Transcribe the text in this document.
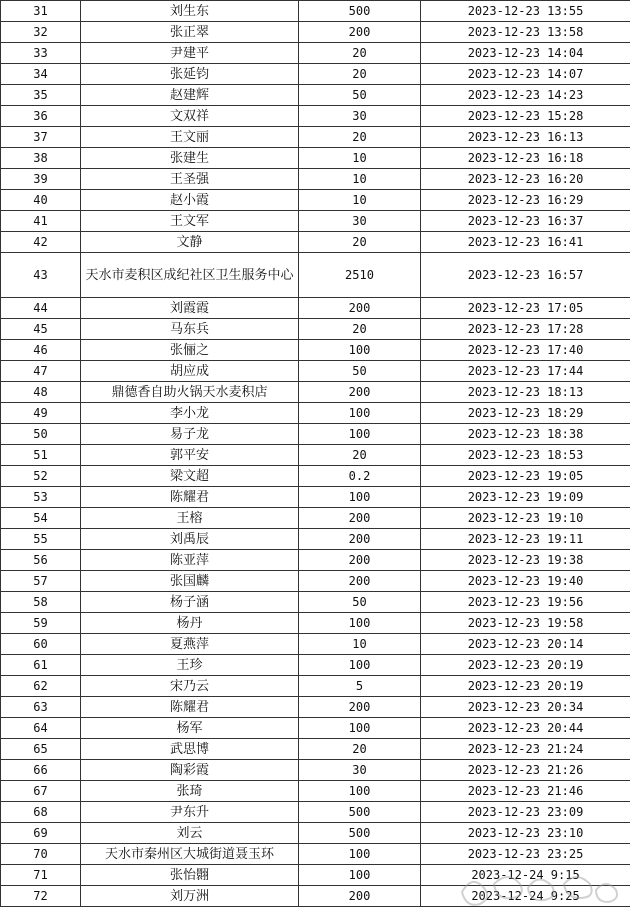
31	刘生东	500	2023-12-23 13:55
32	张正翠	200	2023-12-23 13:58
33	尹建平	20	2023-12-23 14:04
34	张延钧	20	2023-12-23 14:07
35	赵建辉	50	2023-12-23 14:23
36	文双祥	30	2023-12-23 15:28
37	王文丽	20	2023-12-23 16:13
38	张建生	10	2023-12-23 16:18
39	王圣强	10	2023-12-23 16:20
40	赵小霞	10	2023-12-23 16:29
41	王文军	30	2023-12-23 16:37
42	文静	20	2023-12-23 16:41
43	天水市麦积区成纪社区卫生服务中心	2510	2023-12-23 16:57
44	刘霞霞	200	2023-12-23 17:05
45	马东兵	20	2023-12-23 17:28
46	张俪之	100	2023-12-23 17:40
47	胡应成	50	2023-12-23 17:44
48	鼎德香自助火锅天水麦积店	200	2023-12-23 18:13
49	李小龙	100	2023-12-23 18:29
50	易子龙	100	2023-12-23 18:38
51	郭平安	20	2023-12-23 18:53
52	梁文超	0.2	2023-12-23 19:05
53	陈耀君	100	2023-12-23 19:09
54	王榕	200	2023-12-23 19:10
55	刘禹辰	200	2023-12-23 19:11
56	陈亚萍	200	2023-12-23 19:38
57	张国麟	200	2023-12-23 19:40
58	杨子涵	50	2023-12-23 19:56
59	杨丹	100	2023-12-23 19:58
60	夏燕萍	10	2023-12-23 20:14
61	王珍	100	2023-12-23 20:19
62	宋乃云	5	2023-12-23 20:19
63	陈耀君	200	2023-12-23 20:34
64	杨军	100	2023-12-23 20:44
65	武思博	20	2023-12-23 21:24
66	陶彩霞	30	2023-12-23 21:26
67	张琦	100	2023-12-23 21:46
68	尹东升	500	2023-12-23 23:09
69	刘云	500	2023-12-23 23:10
70	天水市秦州区大城街道聂玉环	100	2023-12-23 23:25
71	张怡翾	100	2023-12-24 9:15
72	刘万洲	200	2023-12-24 9:25
